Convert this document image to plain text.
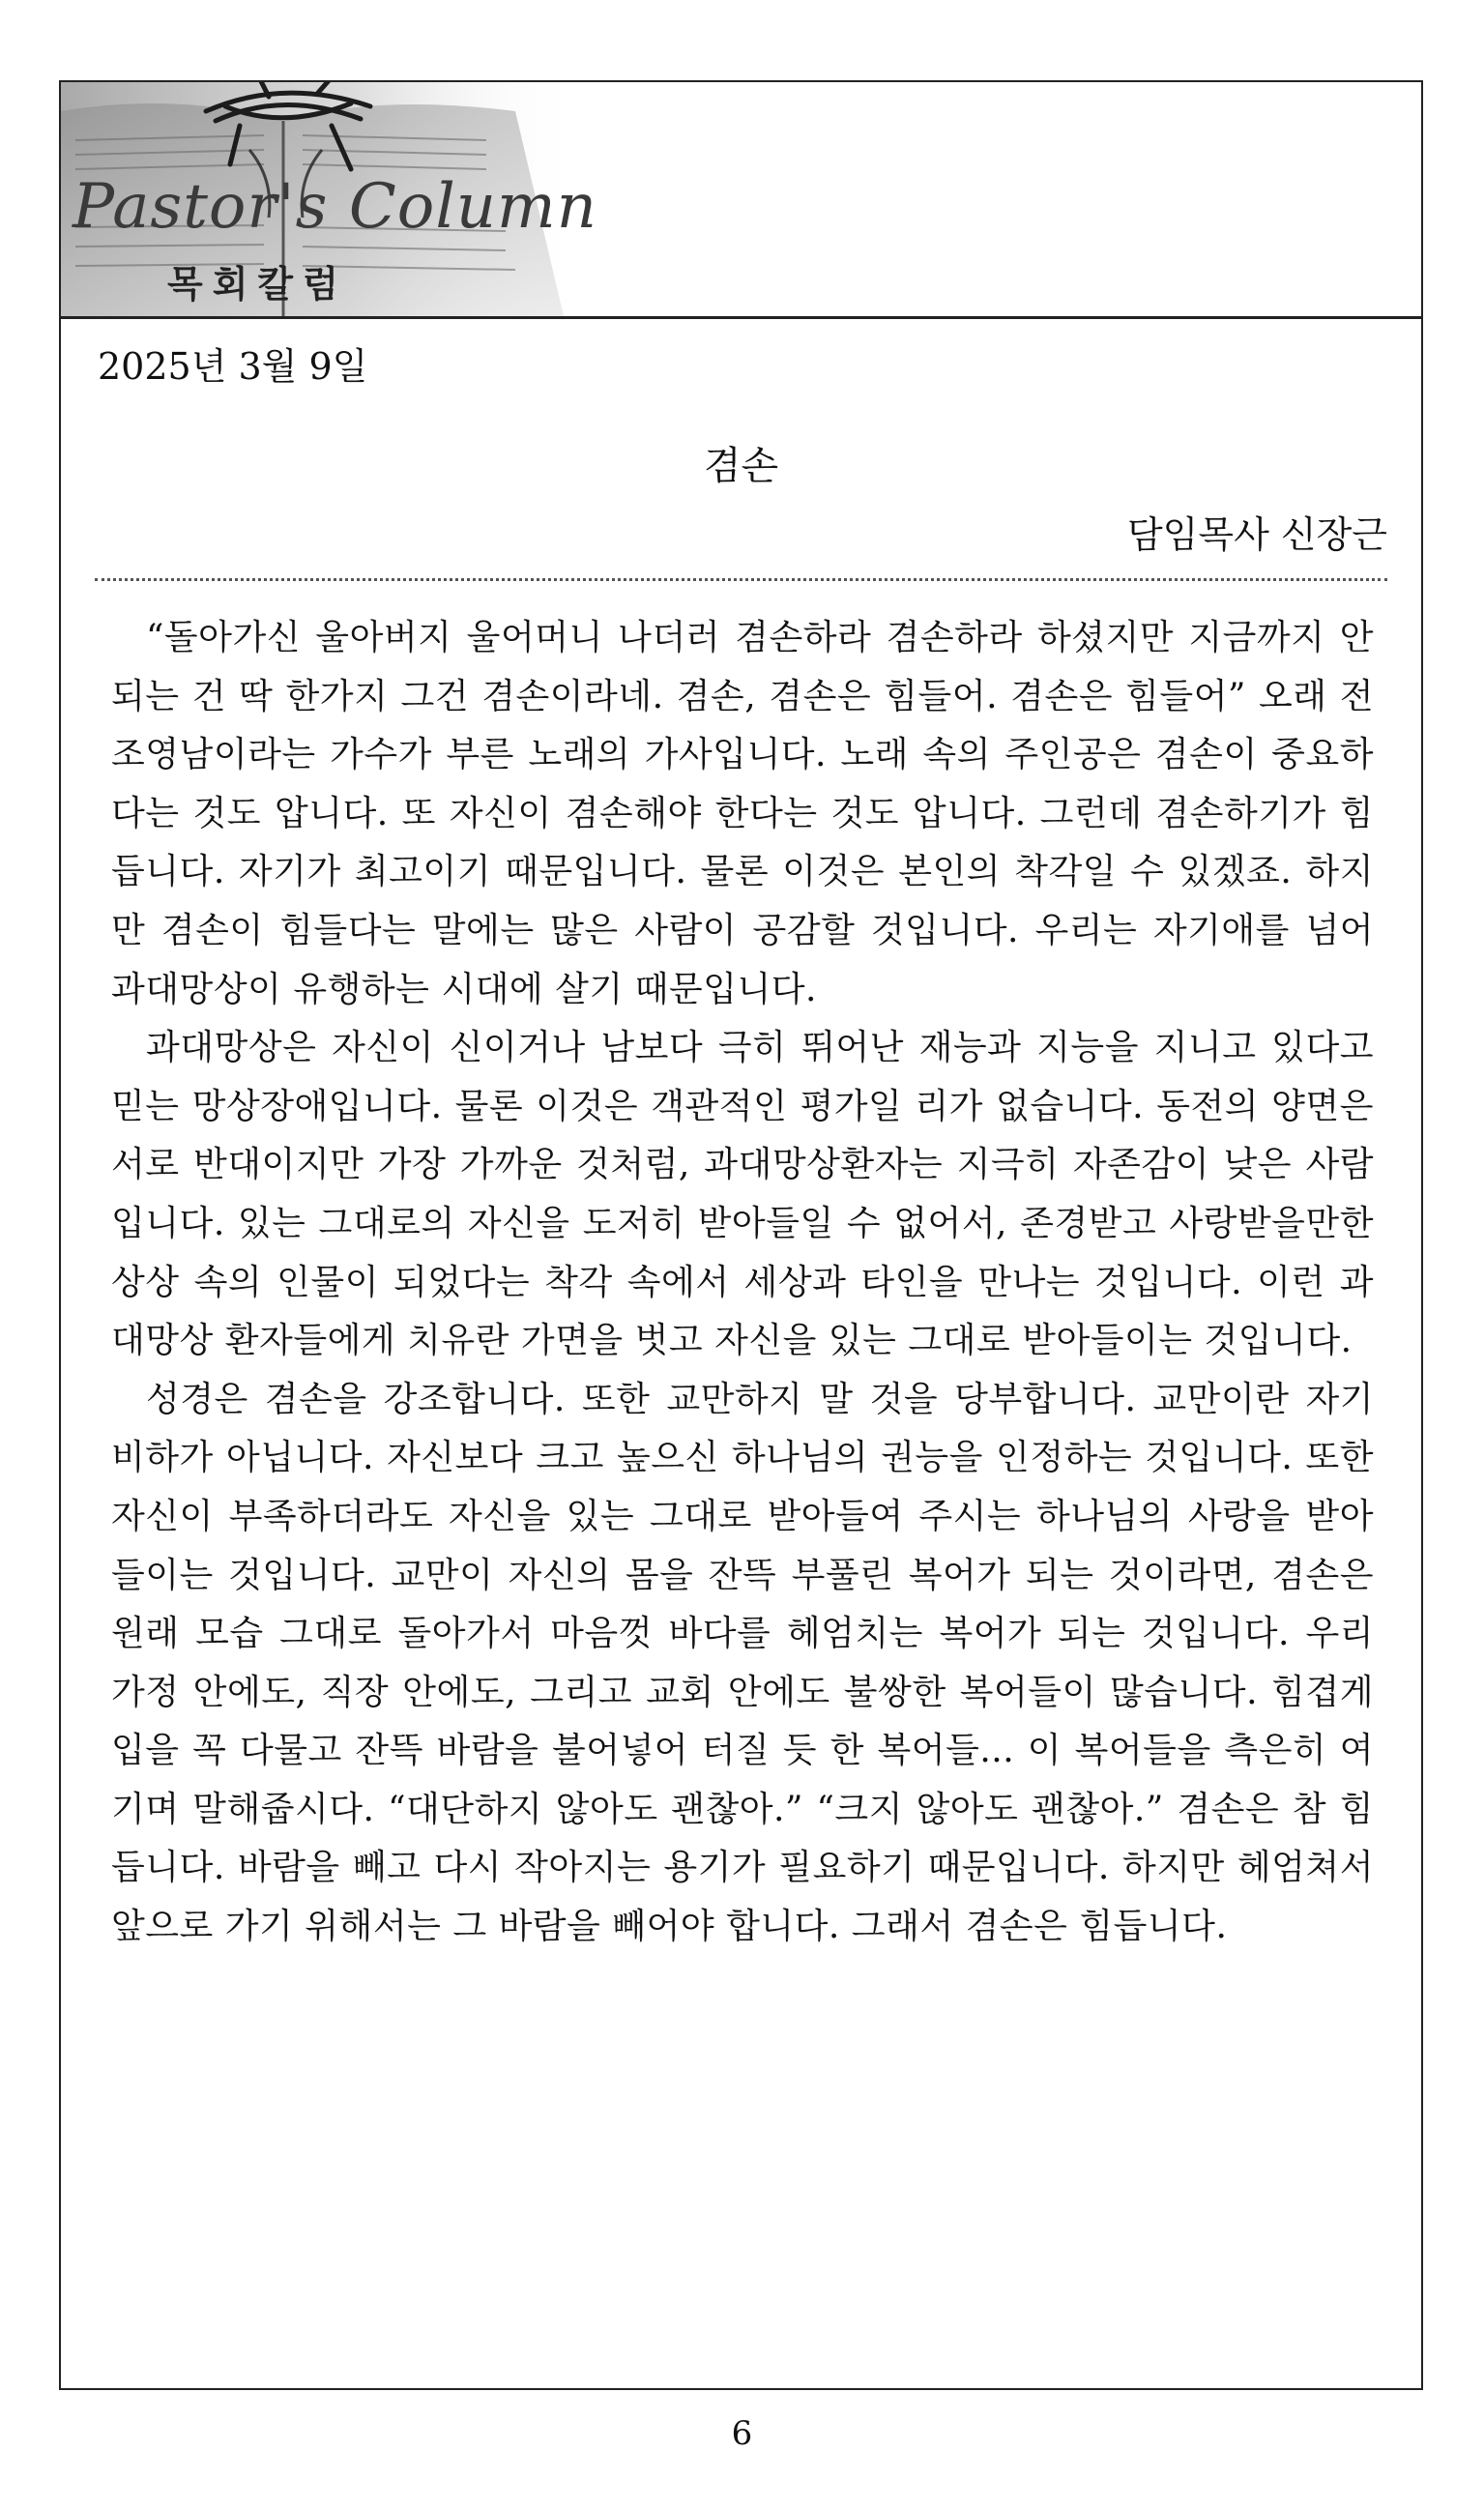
Pastor's Column
목회칼럼
2025년 3월 9일
겸손
담임목사 신장근

“돌아가신 울아버지 울어머니 나더러 겸손하라 겸손하라 하셨지만 지금까지 안 되는 건 딱 한가지 그건 겸손이라네. 겸손, 겸손은 힘들어. 겸손은 힘들어” 오래 전 조영남이라는 가수가 부른 노래의 가사입니다. 노래 속의 주인공은 겸손이 중요하다는 것도 압니다. 또 자신이 겸손해야 한다는 것도 압니다. 그런데 겸손하기가 힘듭니다. 자기가 최고이기 때문입니다. 물론 이것은 본인의 착각일 수 있겠죠. 하지만 겸손이 힘들다는 말에는 많은 사람이 공감할 것입니다. 우리는 자기애를 넘어 과대망상이 유행하는 시대에 살기 때문입니다.

과대망상은 자신이 신이거나 남보다 극히 뛰어난 재능과 지능을 지니고 있다고 믿는 망상장애입니다. 물론 이것은 객관적인 평가일 리가 없습니다. 동전의 양면은 서로 반대이지만 가장 가까운 것처럼, 과대망상환자는 지극히 자존감이 낮은 사람입니다. 있는 그대로의 자신을 도저히 받아들일 수 없어서, 존경받고 사랑받을만한 상상 속의 인물이 되었다는 착각 속에서 세상과 타인을 만나는 것입니다. 이런 과대망상 환자들에게 치유란 가면을 벗고 자신을 있는 그대로 받아들이는 것입니다.

성경은 겸손을 강조합니다. 또한 교만하지 말 것을 당부합니다. 교만이란 자기 비하가 아닙니다. 자신보다 크고 높으신 하나님의 권능을 인정하는 것입니다. 또한 자신이 부족하더라도 자신을 있는 그대로 받아들여 주시는 하나님의 사랑을 받아들이는 것입니다. 교만이 자신의 몸을 잔뜩 부풀린 복어가 되는 것이라면, 겸손은 원래 모습 그대로 돌아가서 마음껏 바다를 헤엄치는 복어가 되는 것입니다. 우리 가정 안에도, 직장 안에도, 그리고 교회 안에도 불쌍한 복어들이 많습니다. 힘겹게 입을 꼭 다물고 잔뜩 바람을 불어넣어 터질 듯 한 복어들... 이 복어들을 측은히 여기며 말해줍시다. “대단하지 않아도 괜찮아.” “크지 않아도 괜찮아.” 겸손은 참 힘듭니다. 바람을 빼고 다시 작아지는 용기가 필요하기 때문입니다. 하지만 헤엄쳐서 앞으로 가기 위해서는 그 바람을 빼어야 합니다. 그래서 겸손은 힘듭니다.

6
